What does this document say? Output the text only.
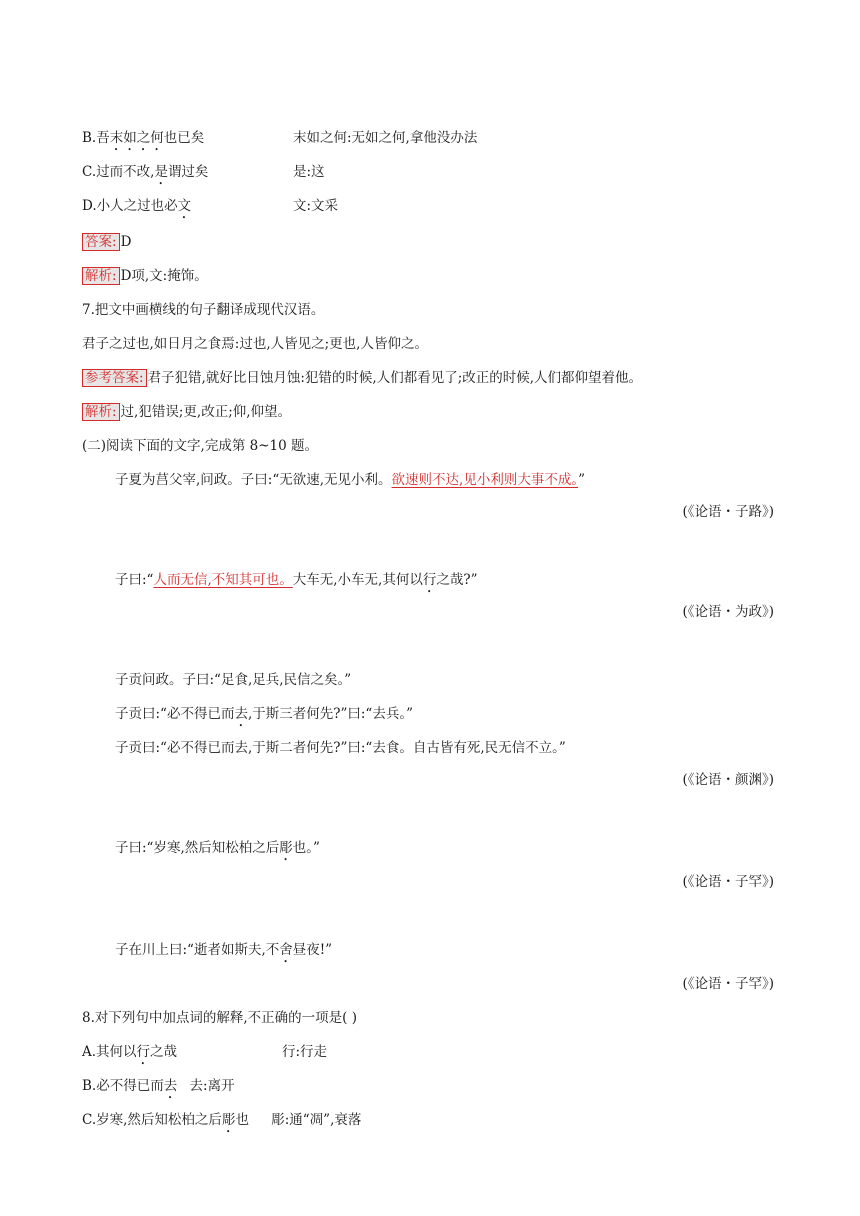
B.吾末如之何也已矣	末如之何:无如之何,拿他没办法
C.过而不改,是谓过矣	是:这
D.小人之过也必文	文:文采
答案: D
解析: D项,文:掩饰。
7.把文中画横线的句子翻译成现代汉语。
君子之过也,如日月之食焉:过也,人皆见之;更也,人皆仰之。
参考答案: 君子犯错,就好比日蚀月蚀:犯错的时候,人们都看见了;改正的时候,人们都仰望着他。
解析: 过,犯错误;更,改正;仰,仰望。
(二)阅读下面的文字,完成第 8~10 题。
子夏为莒父宰,问政。子曰:“无欲速,无见小利。欲速则不达,见小利则大事不成。”
(《论语・子路》)
子曰:“人而无信,不知其可也。大车无,小车无,其何以行之哉?”
(《论语・为政》)
子贡问政。子曰:“足食,足兵,民信之矣。”
子贡曰:“必不得已而去,于斯三者何先?”曰:“去兵。”
子贡曰:“必不得已而去,于斯二者何先?”曰:“去食。自古皆有死,民无信不立。”
(《论语・颜渊》)
子曰:“岁寒,然后知松柏之后彫也。”
(《论语・子罕》)
子在川上曰:“逝者如斯夫,不舍昼夜!”
(《论语・子罕》)
8.对下列句中加点词的解释,不正确的一项是( )
A.其何以行之哉	行:行走
B.必不得已而去 去:离开
C.岁寒,然后知松柏之后彫也 彫:通“凋”,衰落
